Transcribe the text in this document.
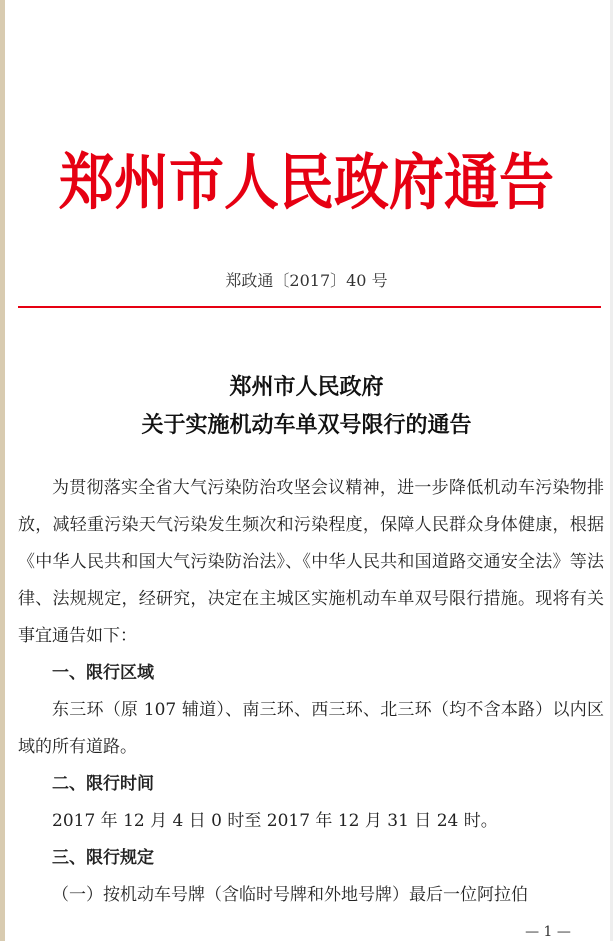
郑州市人民政府通告
郑政通〔2017〕40 号
郑州市人民政府
关于实施机动车单双号限行的通告

为贯彻落实全省大气污染防治攻坚会议精神，进一步降低机动车污染物排放，减轻重污染天气污染发生频次和污染程度，保障人民群众身体健康，根据《中华人民共和国大气污染防治法》、《中华人民共和国道路交通安全法》等法律、法规规定，经研究，决定在主城区实施机动车单双号限行措施。现将有关事宜通告如下：

一、限行区域

东三环（原 107 辅道）、南三环、西三环、北三环（均不含本路）以内区域的所有道路。

二、限行时间

2017 年 12 月 4 日 0 时至 2017 年 12 月 31 日 24 时。

三、限行规定

（一）按机动车号牌（含临时号牌和外地号牌）最后一位阿拉伯

— 1 —
